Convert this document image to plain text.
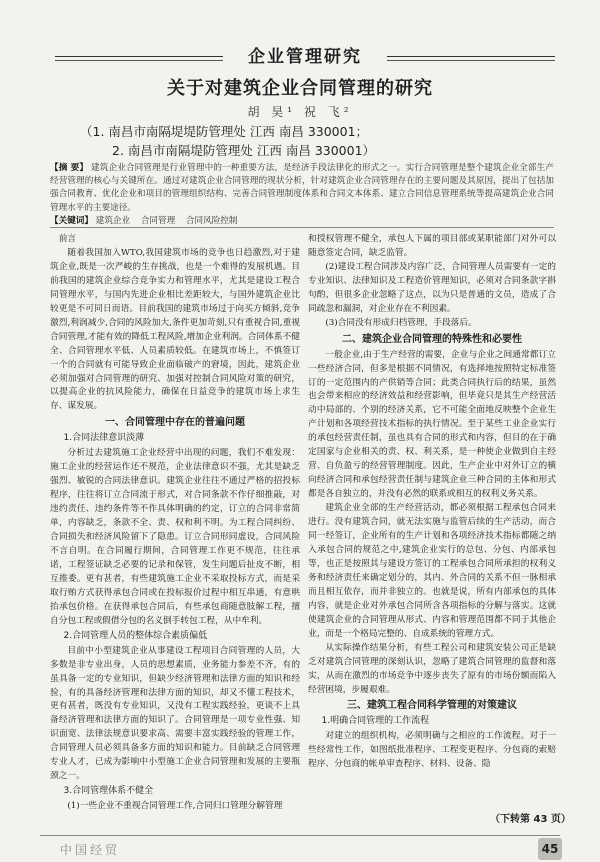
企业管理研究
关于对建筑企业合同管理的研究
胡 昊¹ 祝 飞²
（1. 南昌市南隔堤堤防管理处 江西 南昌 330001；
2. 南昌市南隔堤防管理处 江西 南昌 330001）
【摘 要】 建筑企业合同管理是行业管理中的一种重要方法，是经济手段法律化的形式之一。实行合同管理是整个建筑企业全部生产经营管理的核心与关键所在。通过对建筑企业合同管理的现状分析，针对建筑企业合同管理存在的主要问题及其原因，提出了包括加强合同教育、优化企业和项目的管理组织结构、完善合同管理制度体系和合同文本体系、建立合同信息管理系统等提高建筑企业合同管理水平的主要途径。
【关键词】 建筑企业 合同管理 合同风险控制

前言

随着我国加入WTO,我国建筑市场的竞争也日趋激烈,对于建筑企业,既是一次严峻的生存挑战，也是一个难得的发展机遇。目前我国的建筑企业综合竞争实力和管理水平，尤其是建设工程合同管理水平，与国内先进企业相比差距较大，与国外建筑企业比较更是不可同日而语。目前我国的建筑市场过于向买方倾斜,竞争激烈,利润减少,合同的风险加大,条件更加苛刻,只有重视合同,重视合同管理,才能有效的降低工程风险,增加企业利润。合同体系不健全、合同管理水平低、人员素质较低。在建筑市场上，不慎签订一个的合同就有可能导致企业面临破产的窘境，因此，建筑企业必须加强对合同管理的研究、加强对控制合同风险对策的研究，以提高企业的抗风险能力，确保在日益竞争的建筑市场上求生存、谋发展。

一、合同管理中存在的普遍问题
1.合同法律意识淡薄

分析过去建筑施工企业经营中出现的问题，我们不难发现：施工企业的经营运作还不规范，企业法律意识不强，尤其是缺乏强烈、敏锐的合同法律意识。建筑企业往往不通过严格的招投标程序，往往将订立合同流于形式，对合同条款不作仔细推敲，对违约责任、违约条件等不作具体明确的约定，订立的合同非常简单，内容缺乏，条款不全、责、权和利不明。为工程合同纠纷、合同损失和经济风险留下了隐患。订立合同形同虚设，合同风险不言自明。在合同履行期间，合同管理工作更不规范，往往承诺，工程签证缺乏必要的记录和保管，发生问题后扯皮不断，相互推委。更有甚者，有些建筑施工企业不采取投标方式，而是采取行贿方式获得承包合同或在投标报价过程中相互串通，有意哄抬承包价格。在获得承包合同后，有些承包商随意肢解工程，擅自分包工程或假借分包的名义倒手转包工程，从中牟利。

2.合同管理人员的整体综合素质偏低

目前中小型建筑企业从事建设工程项目合同管理的人员，大多数是非专业出身，人员的思想素质，业务能力参差不齐，有的虽具备一定的专业知识，但缺少经济管理和法律方面的知识和经验，有的具备经济管理和法律方面的知识，却又不懂工程技术，更有甚者，既没有专业知识，又没有工程实践经验，更谈不上具备经济管理和法律方面的知识了。合同管理是一项专业性强、知识面宽、法律法规意识要求高、需要丰富实践经验的管理工作，合同管理人员必须具备多方面的知识和能力。目前缺乏合同管理专业人才，已成为影响中小型施工企业合同管理和发展的主要瓶颈之一。

3.合同管理体系不健全

(1)一些企业不重视合同管理工作,合同归口管理分解管理

和授权管理不健全，承包人下属的项目部或某职能部门对外可以随意签定合同，缺乏监管。

(2)建设工程合同涉及内容广泛，合同管理人员需要有一定的专业知识、法律知识及工程造价管理知识，必须对合同条款字斟句酌，但很多企业忽略了这点，以为只是普通的文员，造成了合同疏忽和漏洞，对企业存在不利因素。

(3)合同没有形成归档管理，手段落后。

二、建筑企业合同管理的特殊性和必要性

一般企业,由于生产经营的需要，企业与企业之间通常都订立一些经济合同，但多是根据不同情况，有选择地按照特定标准签订的一定范围内的产供销等合同；此类合同执行后的结果，虽然也会带来相应的经济效益和经营影响，但毕竟只是其生产经营活动中局部的、个别的经济关系，它不可能全面地反映整个企业生产计划和各项经营技术指标的执行情况。至于某些工业企业实行的承包经营责任制，虽也具有合同的形式和内容，但目的在于确定国家与企业相关的责、权、利关系，是一种使企业做到自主经营、自负盈亏的经营管理制度。因此，生产企业中对外订立的横向经济合同和承包经营责任制与建筑企业三种合同的主体和形式都是各自独立的，并没有必然的联系或相互的权利义务关系。

建筑企业全部的生产经营活动，都必须根据工程承包合同来进行。没有建筑合同，就无法实施与监管后续的生产活动，而合同一经签订，企业所有的生产计划和各项经济技术指标都随之纳入承包合同的规范之中,建筑企业实行的总包、分包、内部承包等，也正是按照其与建设方签订的工程承包合同所承担的权利义务和经济责任来确定划分的，其内、外合同的关系不但一脉相承而且相互依存，而并非独立的。也就是说，所有内部承包的具体内容，就是企业对外承包合同所含各项指标的分解与落实。这就使建筑企业的合同管理从形式、内容和管理范围都不同于其他企业，而是一个格局完整的、自成系统的管理方式。

从实际操作结果分析，有些工程公司和建筑安装公司正是缺乏对建筑合同管理的深刻认识，忽略了建筑合同管理的监督和落实，从而在激烈的市场竞争中逐步丧失了原有的市场份额而陷入经营困境，步履艰难。

三、建筑工程合同科学管理的对策建议
1.明确合同管理的工作流程

对建立的组织机构，必须明确与之相应的工作流程。对于一些经常性工作，如图纸批准程序、工程变更程序、分包商的索赔程序、分包商的帐单审查程序、材料、设备、隐

（下转第 43 页）
中国经贸	45
